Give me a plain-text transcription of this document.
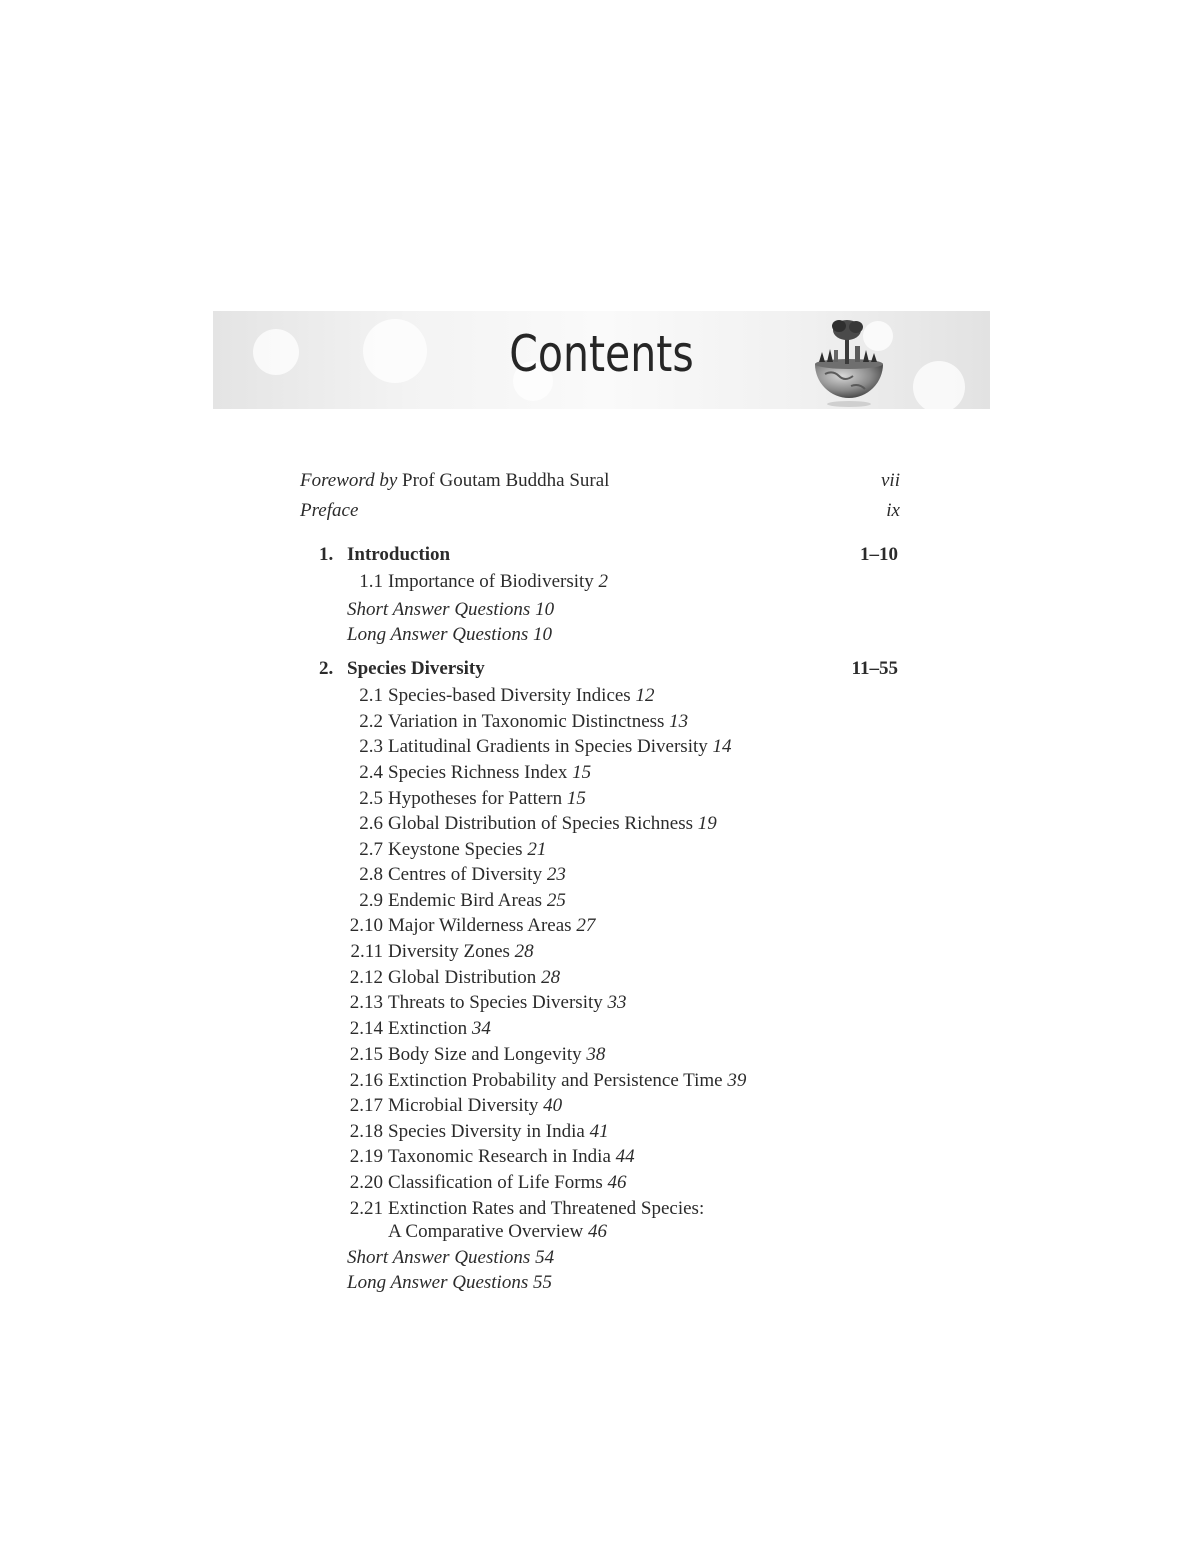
Contents
Foreword by Prof Goutam Buddha Sural	vii
Preface	ix
1. Introduction	1–10
1.1 Importance of Biodiversity 2
Short Answer Questions 10
Long Answer Questions 10
2. Species Diversity	11–55
2.1 Species-based Diversity Indices 12
2.2 Variation in Taxonomic Distinctness 13
2.3 Latitudinal Gradients in Species Diversity 14
2.4 Species Richness Index 15
2.5 Hypotheses for Pattern 15
2.6 Global Distribution of Species Richness 19
2.7 Keystone Species 21
2.8 Centres of Diversity 23
2.9 Endemic Bird Areas 25
2.10 Major Wilderness Areas 27
2.11 Diversity Zones 28
2.12 Global Distribution 28
2.13 Threats to Species Diversity 33
2.14 Extinction 34
2.15 Body Size and Longevity 38
2.16 Extinction Probability and Persistence Time 39
2.17 Microbial Diversity 40
2.18 Species Diversity in India 41
2.19 Taxonomic Research in India 44
2.20 Classification of Life Forms 46
2.21 Extinction Rates and Threatened Species:
A Comparative Overview 46
Short Answer Questions 54
Long Answer Questions 55
